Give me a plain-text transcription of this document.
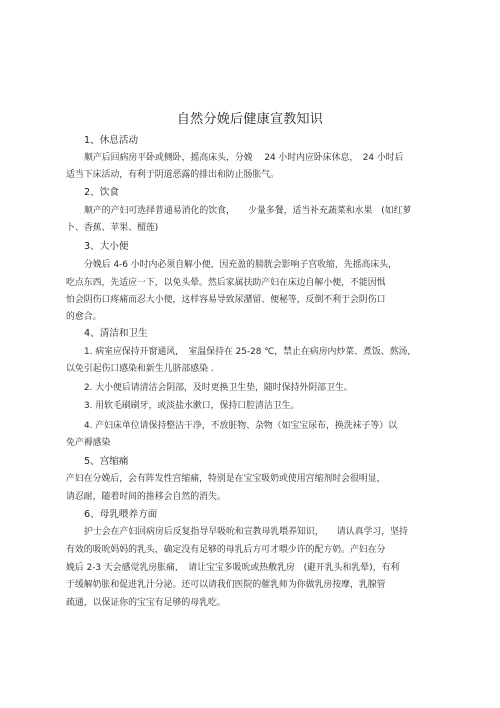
自然分娩后健康宣教知识
1、休息活动
顺产后回病房平卧或侧卧，摇高床头，分娩　 24 小时内应卧床休息，　24 小时后
适当下床活动，有利于阴道恶露的排出和防止肠胀气。
2、饮食
顺产的产妇可选择普通易消化的饮食，　　少量多餐，适当补充蔬菜和水果　(如红萝
卜、香蕉、苹果、榴莲)
3、大小便
分娩后 4-6 小时内必须自解小便，因充盈的膀胱会影响子宫收缩，先摇高床头，
吃点东西，先适应一下，以免头晕。然后家属扶助产妇在床边自解小便，不能因惧
怕会阴伤口疼痛而忍大小便，这样容易导致尿潴留、便秘等，反倒不利于会阴伤口
的愈合。
4、清洁和卫生
1. 病室应保持开窗通风，　室温保持在 25-28 ℃，禁止在病房内炒菜、煮饭、熬汤，
以免引起伤口感染和新生儿脐部感染 .
2. 大小便后请清洁会阴部，及时更换卫生垫，随时保持外阴部卫生。
3. 用软毛刷刷牙，或淡盐水漱口，保持口腔清洁卫生。
4. 产妇床单位请保持整洁干净，不放脏物、杂物（如宝宝尿布，换洗袜子等）以
免产褥感染
5、宫缩痛
产妇在分娩后，会有阵发性宫缩痛，特别是在宝宝吸奶或使用宫缩剂时会很明显，
请忍耐，随着时间的推移会自然的消失。
6、母乳喂养方面
护士会在产妇回病房后反复指导早吸吮和宣教母乳喂养知识，　　请认真学习，坚持
有效的吸吮妈妈的乳头，确定没有足够的母乳后方可才喂少许的配方奶。产妇在分
娩后 2-3 天会感觉乳房胀痛，　请让宝宝多吸吮或热敷乳房　(避开乳头和乳晕)，有利
于缓解奶胀和促进乳汁分泌。还可以请我们医院的催乳师为你做乳房按摩，乳腺管
疏通，以保证你的宝宝有足够的母乳吃。
